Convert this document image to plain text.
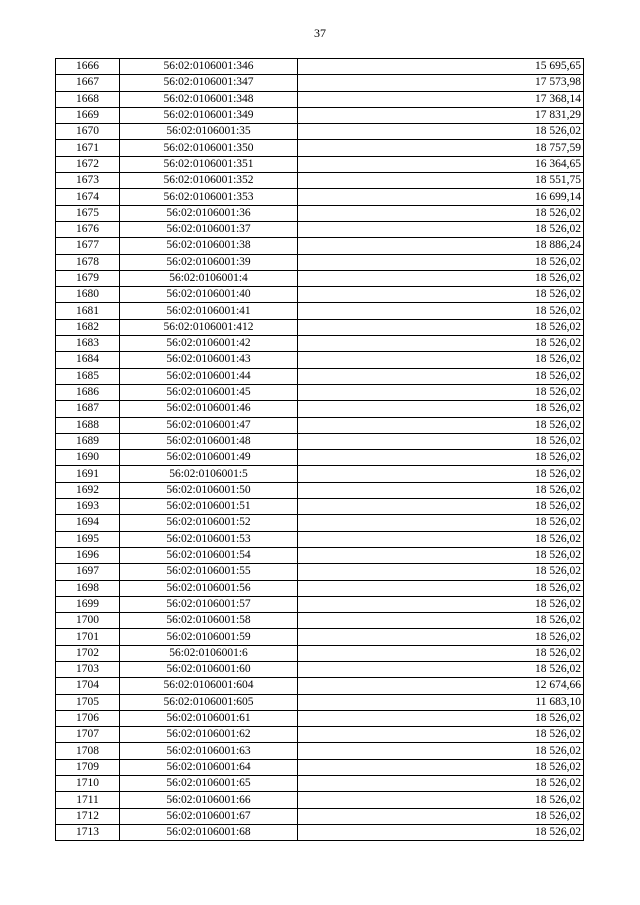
37
1666	56:02:0106001:346	15 695,65
1667	56:02:0106001:347	17 573,98
1668	56:02:0106001:348	17 368,14
1669	56:02:0106001:349	17 831,29
1670	56:02:0106001:35	18 526,02
1671	56:02:0106001:350	18 757,59
1672	56:02:0106001:351	16 364,65
1673	56:02:0106001:352	18 551,75
1674	56:02:0106001:353	16 699,14
1675	56:02:0106001:36	18 526,02
1676	56:02:0106001:37	18 526,02
1677	56:02:0106001:38	18 886,24
1678	56:02:0106001:39	18 526,02
1679	56:02:0106001:4	18 526,02
1680	56:02:0106001:40	18 526,02
1681	56:02:0106001:41	18 526,02
1682	56:02:0106001:412	18 526,02
1683	56:02:0106001:42	18 526,02
1684	56:02:0106001:43	18 526,02
1685	56:02:0106001:44	18 526,02
1686	56:02:0106001:45	18 526,02
1687	56:02:0106001:46	18 526,02
1688	56:02:0106001:47	18 526,02
1689	56:02:0106001:48	18 526,02
1690	56:02:0106001:49	18 526,02
1691	56:02:0106001:5	18 526,02
1692	56:02:0106001:50	18 526,02
1693	56:02:0106001:51	18 526,02
1694	56:02:0106001:52	18 526,02
1695	56:02:0106001:53	18 526,02
1696	56:02:0106001:54	18 526,02
1697	56:02:0106001:55	18 526,02
1698	56:02:0106001:56	18 526,02
1699	56:02:0106001:57	18 526,02
1700	56:02:0106001:58	18 526,02
1701	56:02:0106001:59	18 526,02
1702	56:02:0106001:6	18 526,02
1703	56:02:0106001:60	18 526,02
1704	56:02:0106001:604	12 674,66
1705	56:02:0106001:605	11 683,10
1706	56:02:0106001:61	18 526,02
1707	56:02:0106001:62	18 526,02
1708	56:02:0106001:63	18 526,02
1709	56:02:0106001:64	18 526,02
1710	56:02:0106001:65	18 526,02
1711	56:02:0106001:66	18 526,02
1712	56:02:0106001:67	18 526,02
1713	56:02:0106001:68	18 526,02
